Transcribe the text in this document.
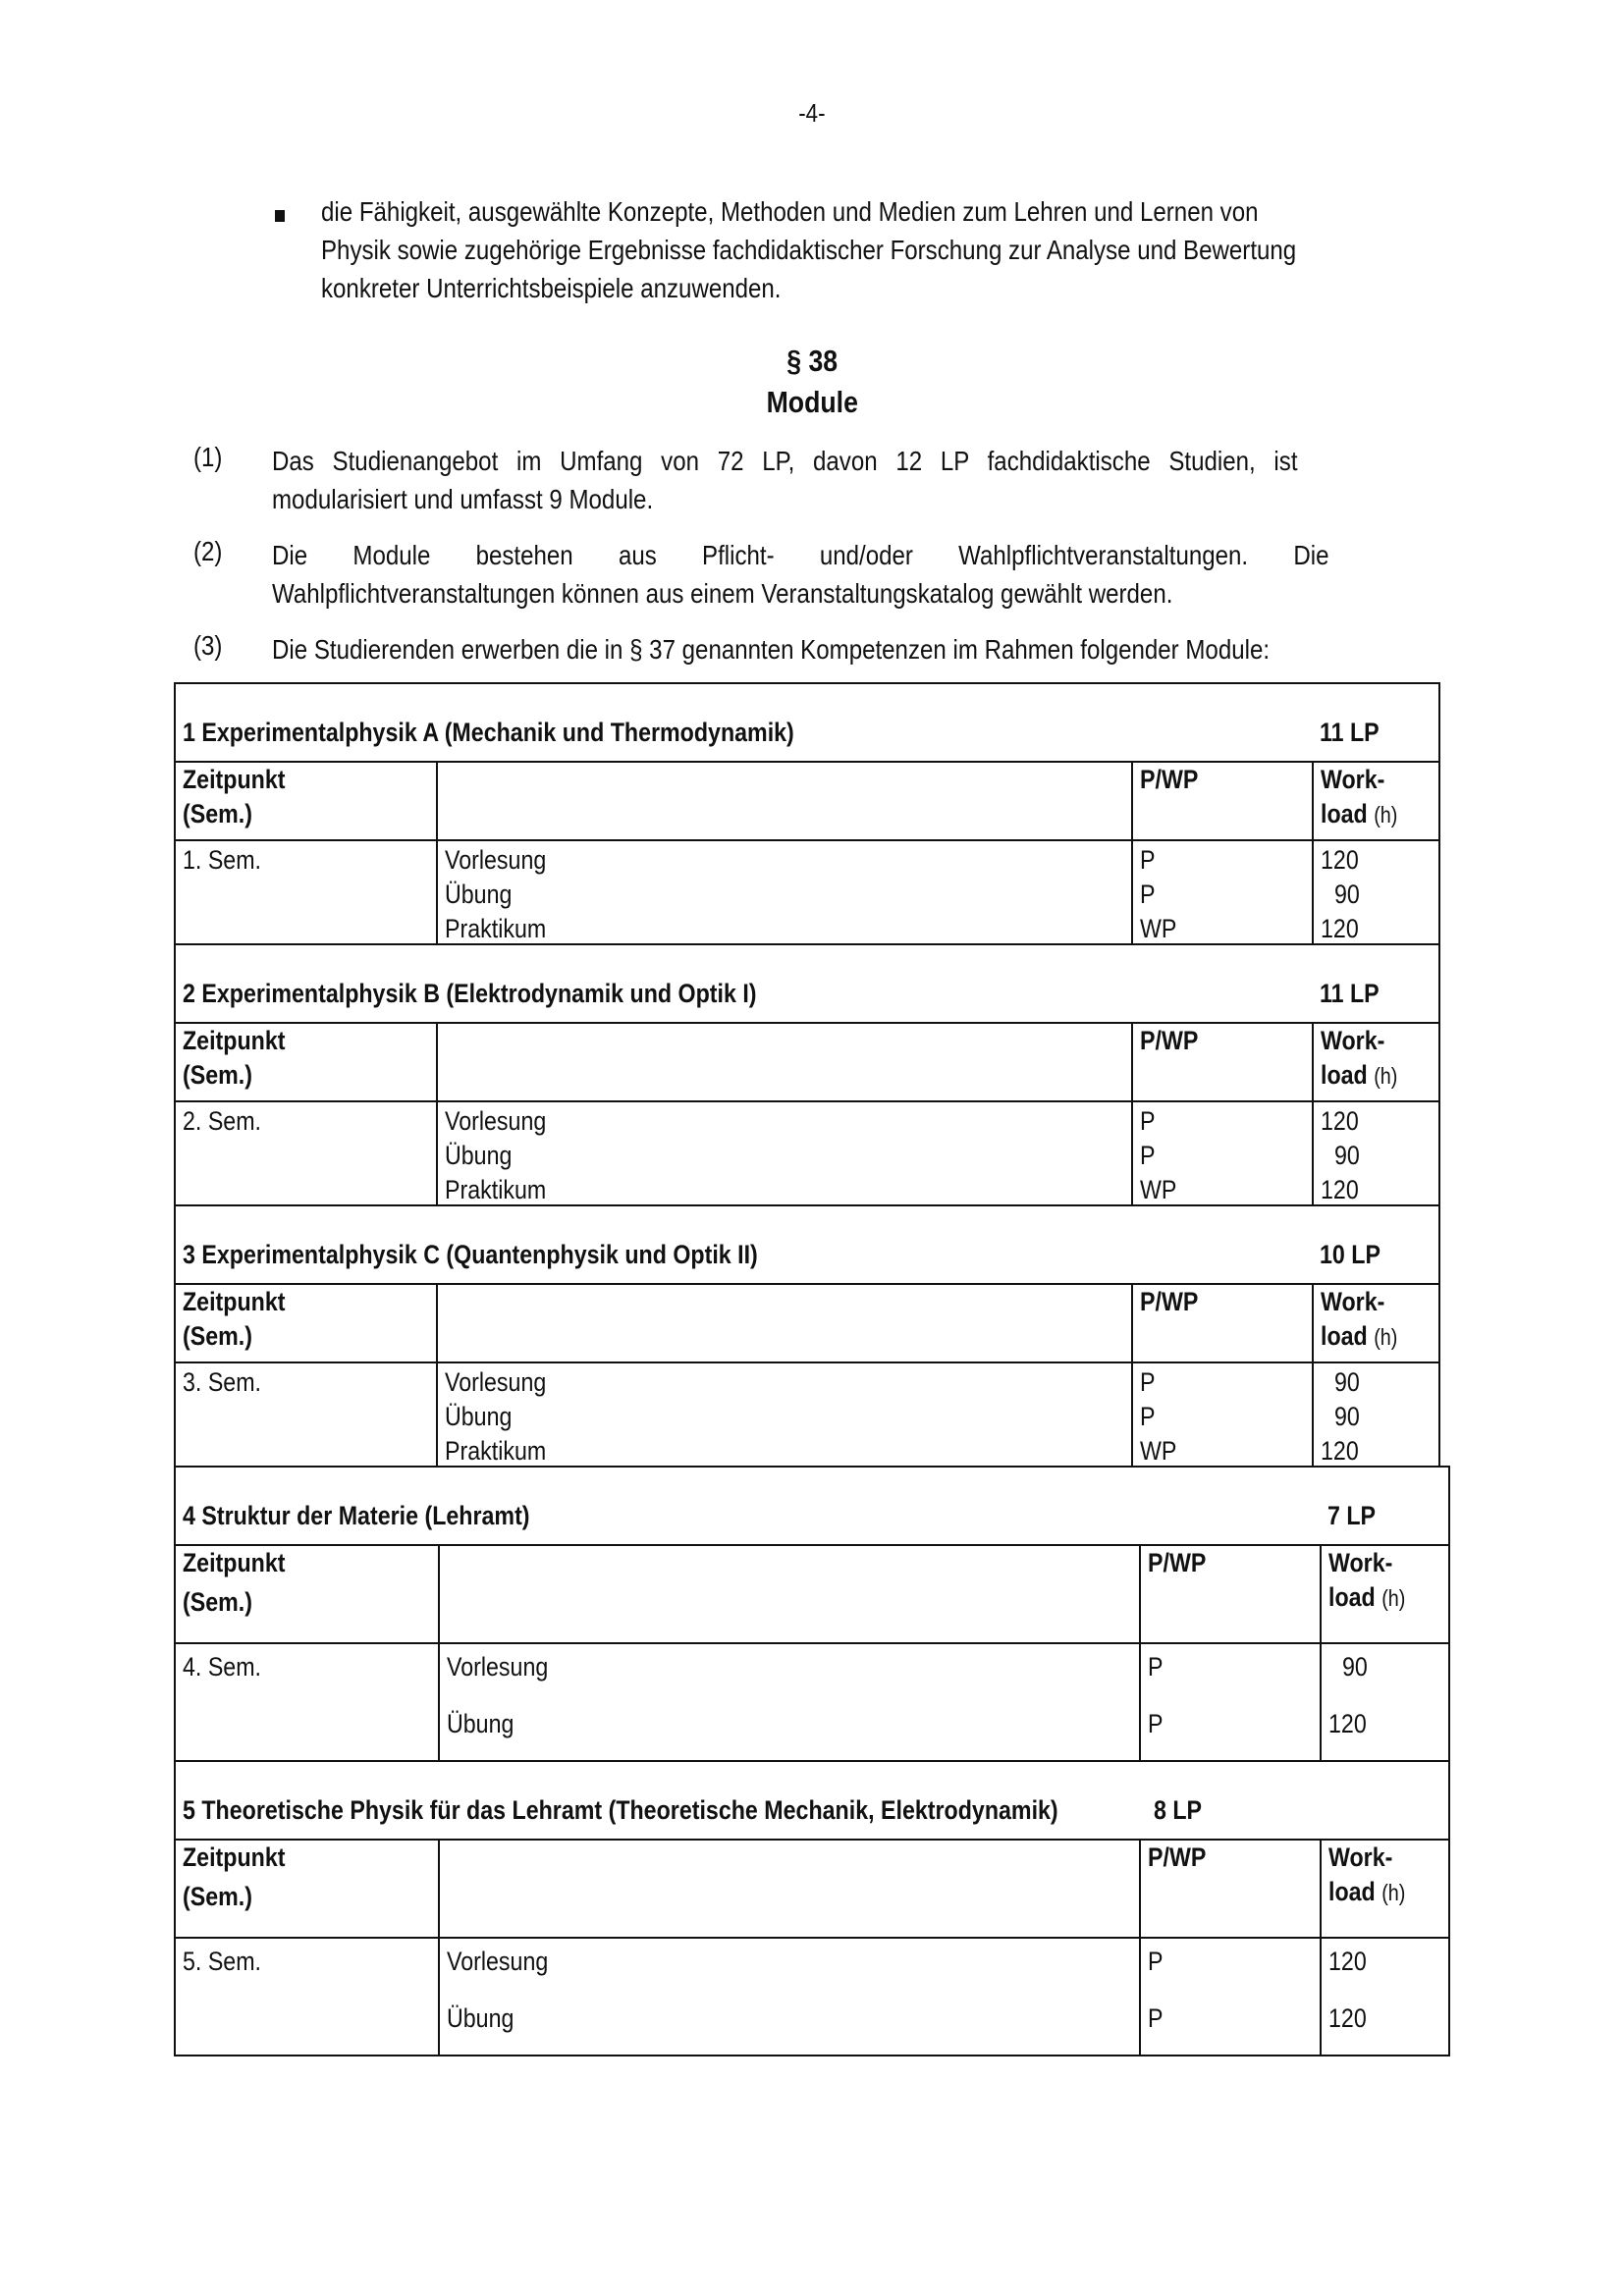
-4-
die Fähigkeit, ausgewählte Konzepte, Methoden und Medien zum Lehren und Lernen von
Physik sowie zugehörige Ergebnisse fachdidaktischer Forschung zur Analyse und Bewertung
konkreter Unterrichtsbeispiele anzuwenden.
§ 38
Module
(1) Das Studienangebot im Umfang von 72 LP, davon 12 LP fachdidaktische Studien, ist
modularisiert und umfasst 9 Module.
(2) Die Module bestehen aus Pflicht- und/oder Wahlpflichtveranstaltungen. Die
Wahlpflichtveranstaltungen können aus einem Veranstaltungskatalog gewählt werden.
(3) Die Studierenden erwerben die in § 37 genannten Kompetenzen im Rahmen folgender Module:
1 Experimentalphysik A (Mechanik und Thermodynamik)	11 LP
Zeitpunkt
(Sem.)
P/WP	Work-
load (h)
1. Sem.	Vorlesung	P	120
Übung	P	90
Praktikum	WP	120
2 Experimentalphysik B (Elektrodynamik und Optik I)	11 LP
Zeitpunkt
(Sem.)
P/WP	Work-
load (h)
2. Sem.	Vorlesung	P	120
Übung	P	90
Praktikum	WP	120
3 Experimentalphysik C (Quantenphysik und Optik II)	10 LP
Zeitpunkt
(Sem.)
P/WP	Work-
load (h)
3. Sem.	Vorlesung	P	90
Übung	P	90
Praktikum	WP	120
4 Struktur der Materie (Lehramt)	7 LP
Zeitpunkt
(Sem.)
P/WP	Work-
load (h)
4. Sem.	Vorlesung	P	90
Übung	P	120
5 Theoretische Physik für das Lehramt (Theoretische Mechanik, Elektrodynamik)	8 LP
Zeitpunkt
(Sem.)
P/WP	Work-
load (h)
5. Sem.	Vorlesung	P	120
Übung	P	120
